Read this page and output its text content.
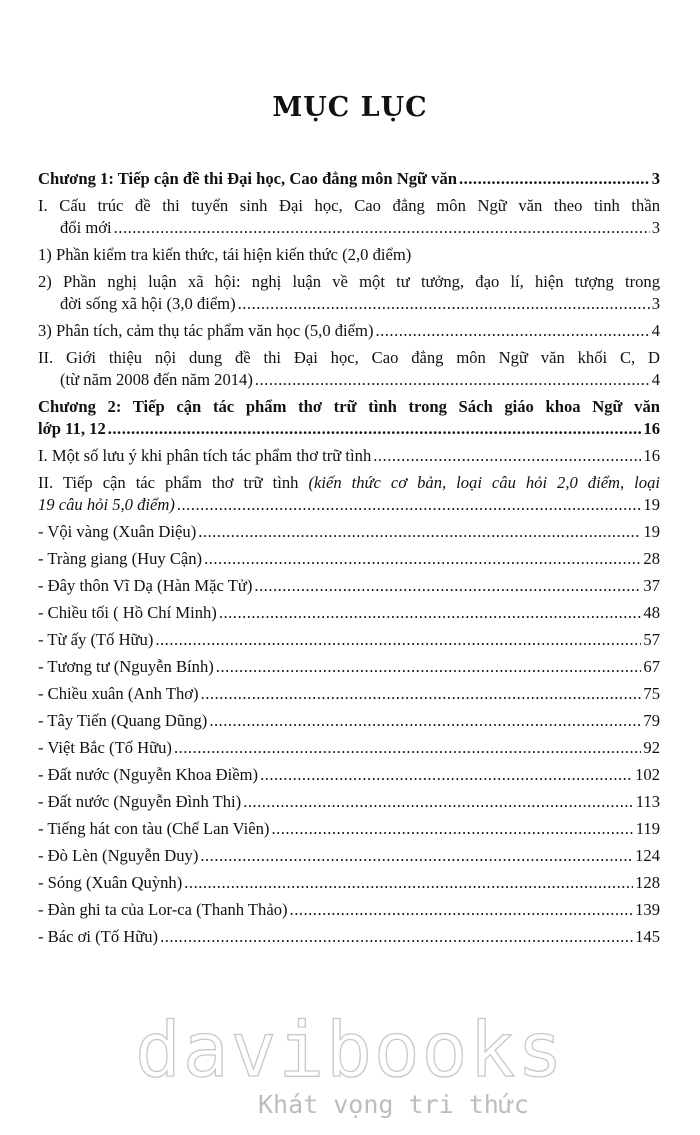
MỤC LỤC
Chương 1: Tiếp cận đề thi Đại học, Cao đẳng môn Ngữ văn .....	3
I. Cấu trúc đề thi tuyển sinh Đại học, Cao đẳng môn Ngữ văn theo tinh thần
đổi mới .....	3
1) Phần kiểm tra kiến thức, tái hiện kiến thức (2,0 điểm)
2) Phần nghị luận xã hội: nghị luận về một tư tưởng, đạo lí, hiện tượng trong
đời sống xã hội (3,0 điểm) .....	3
3) Phân tích, cảm thụ tác phẩm văn học (5,0 điểm) .....	4
II. Giới thiệu nội dung đề thi Đại học, Cao đẳng môn Ngữ văn khối C, D
(từ năm 2008 đến năm 2014) .....	4
Chương 2: Tiếp cận tác phẩm thơ trữ tình trong Sách giáo khoa Ngữ văn
lớp 11, 12 .....	16
I. Một số lưu ý khi phân tích tác phẩm thơ trữ tình .....	16
II. Tiếp cận tác phẩm thơ trữ tình (kiến thức cơ bản, loại câu hỏi 2,0 điểm, loại
19 câu hỏi 5,0 điểm) .....	19
- Vội vàng (Xuân Diệu) .....	19
- Tràng giang (Huy Cận) .....	28
- Đây thôn Vĩ Dạ (Hàn Mặc Tử) .....	37
- Chiều tối ( Hồ Chí Minh) .....	48
- Từ ấy (Tố Hữu) .....	57
- Tương tư (Nguyễn Bính) .....	67
- Chiều xuân (Anh Thơ) .....	75
- Tây Tiến (Quang Dũng) .....	79
- Việt Bắc (Tố Hữu) .....	92
- Đất nước (Nguyễn Khoa Điềm) .....	102
- Đất nước (Nguyễn Đình Thi) .....	113
- Tiếng hát con tàu (Chế Lan Viên) .....	119
- Đò Lèn (Nguyễn Duy) .....	124
- Sóng (Xuân Quỳnh) .....	128
- Đàn ghi ta của Lor-ca (Thanh Thảo) .....	139
- Bác ơi (Tố Hữu) .....	145
davibooks
Khát vọng tri thức
